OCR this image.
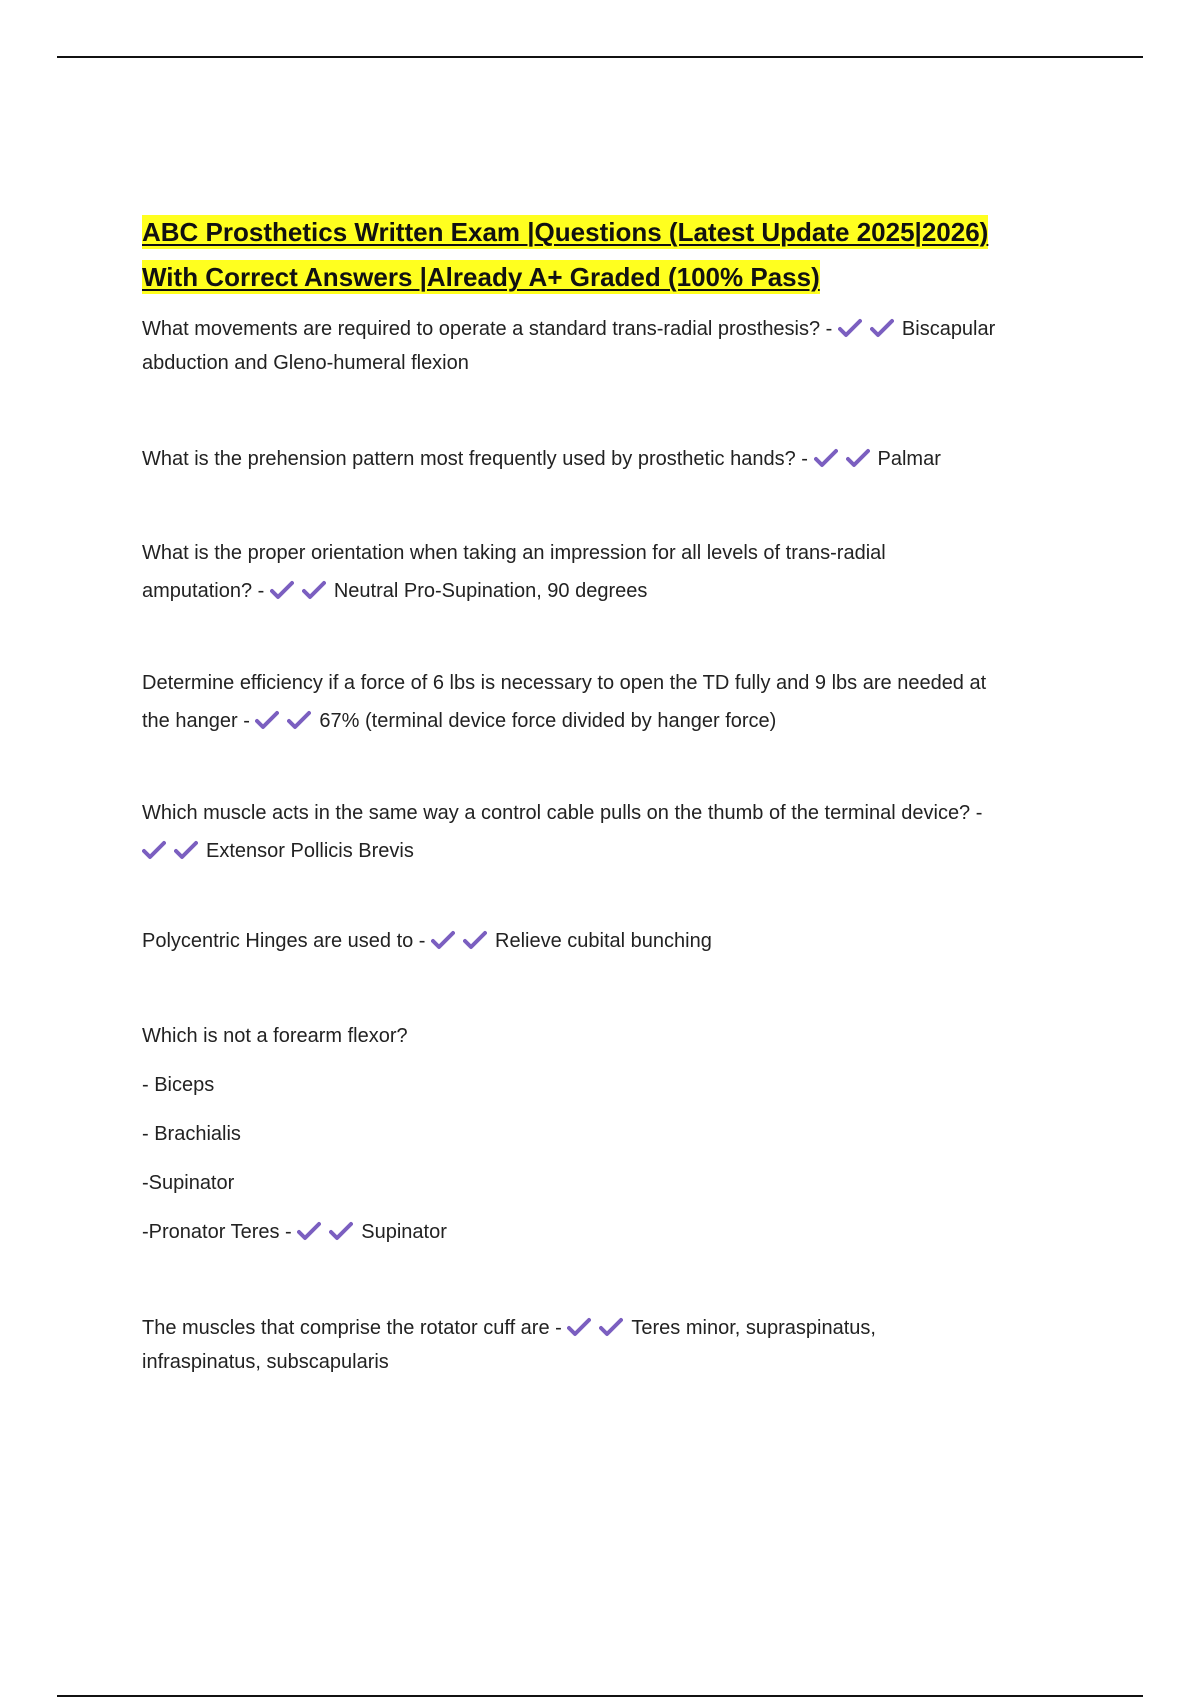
ABC Prosthetics Written Exam |Questions (Latest Update 2025|2026)
With Correct Answers |Already A+ Graded (100% Pass)
What movements are required to operate a standard trans-radial prosthesis? -	Biscapular
abduction and Gleno-humeral flexion
What is the prehension pattern most frequently used by prosthetic hands? -	Palmar
What is the proper orientation when taking an impression for all levels of trans-radial
amputation? -	Neutral Pro-Supination, 90 degrees
Determine efficiency if a force of 6 lbs is necessary to open the TD fully and 9 lbs are needed at
the hanger -	67% (terminal device force divided by hanger force)
Which muscle acts in the same way a control cable pulls on the thumb of the terminal device? -
Extensor Pollicis Brevis
Polycentric Hinges are used to -	Relieve cubital bunching
Which is not a forearm flexor?
- Biceps
- Brachialis
-Supinator
-Pronator Teres -	Supinator
The muscles that comprise the rotator cuff are -	Teres minor, supraspinatus,
infraspinatus, subscapularis
